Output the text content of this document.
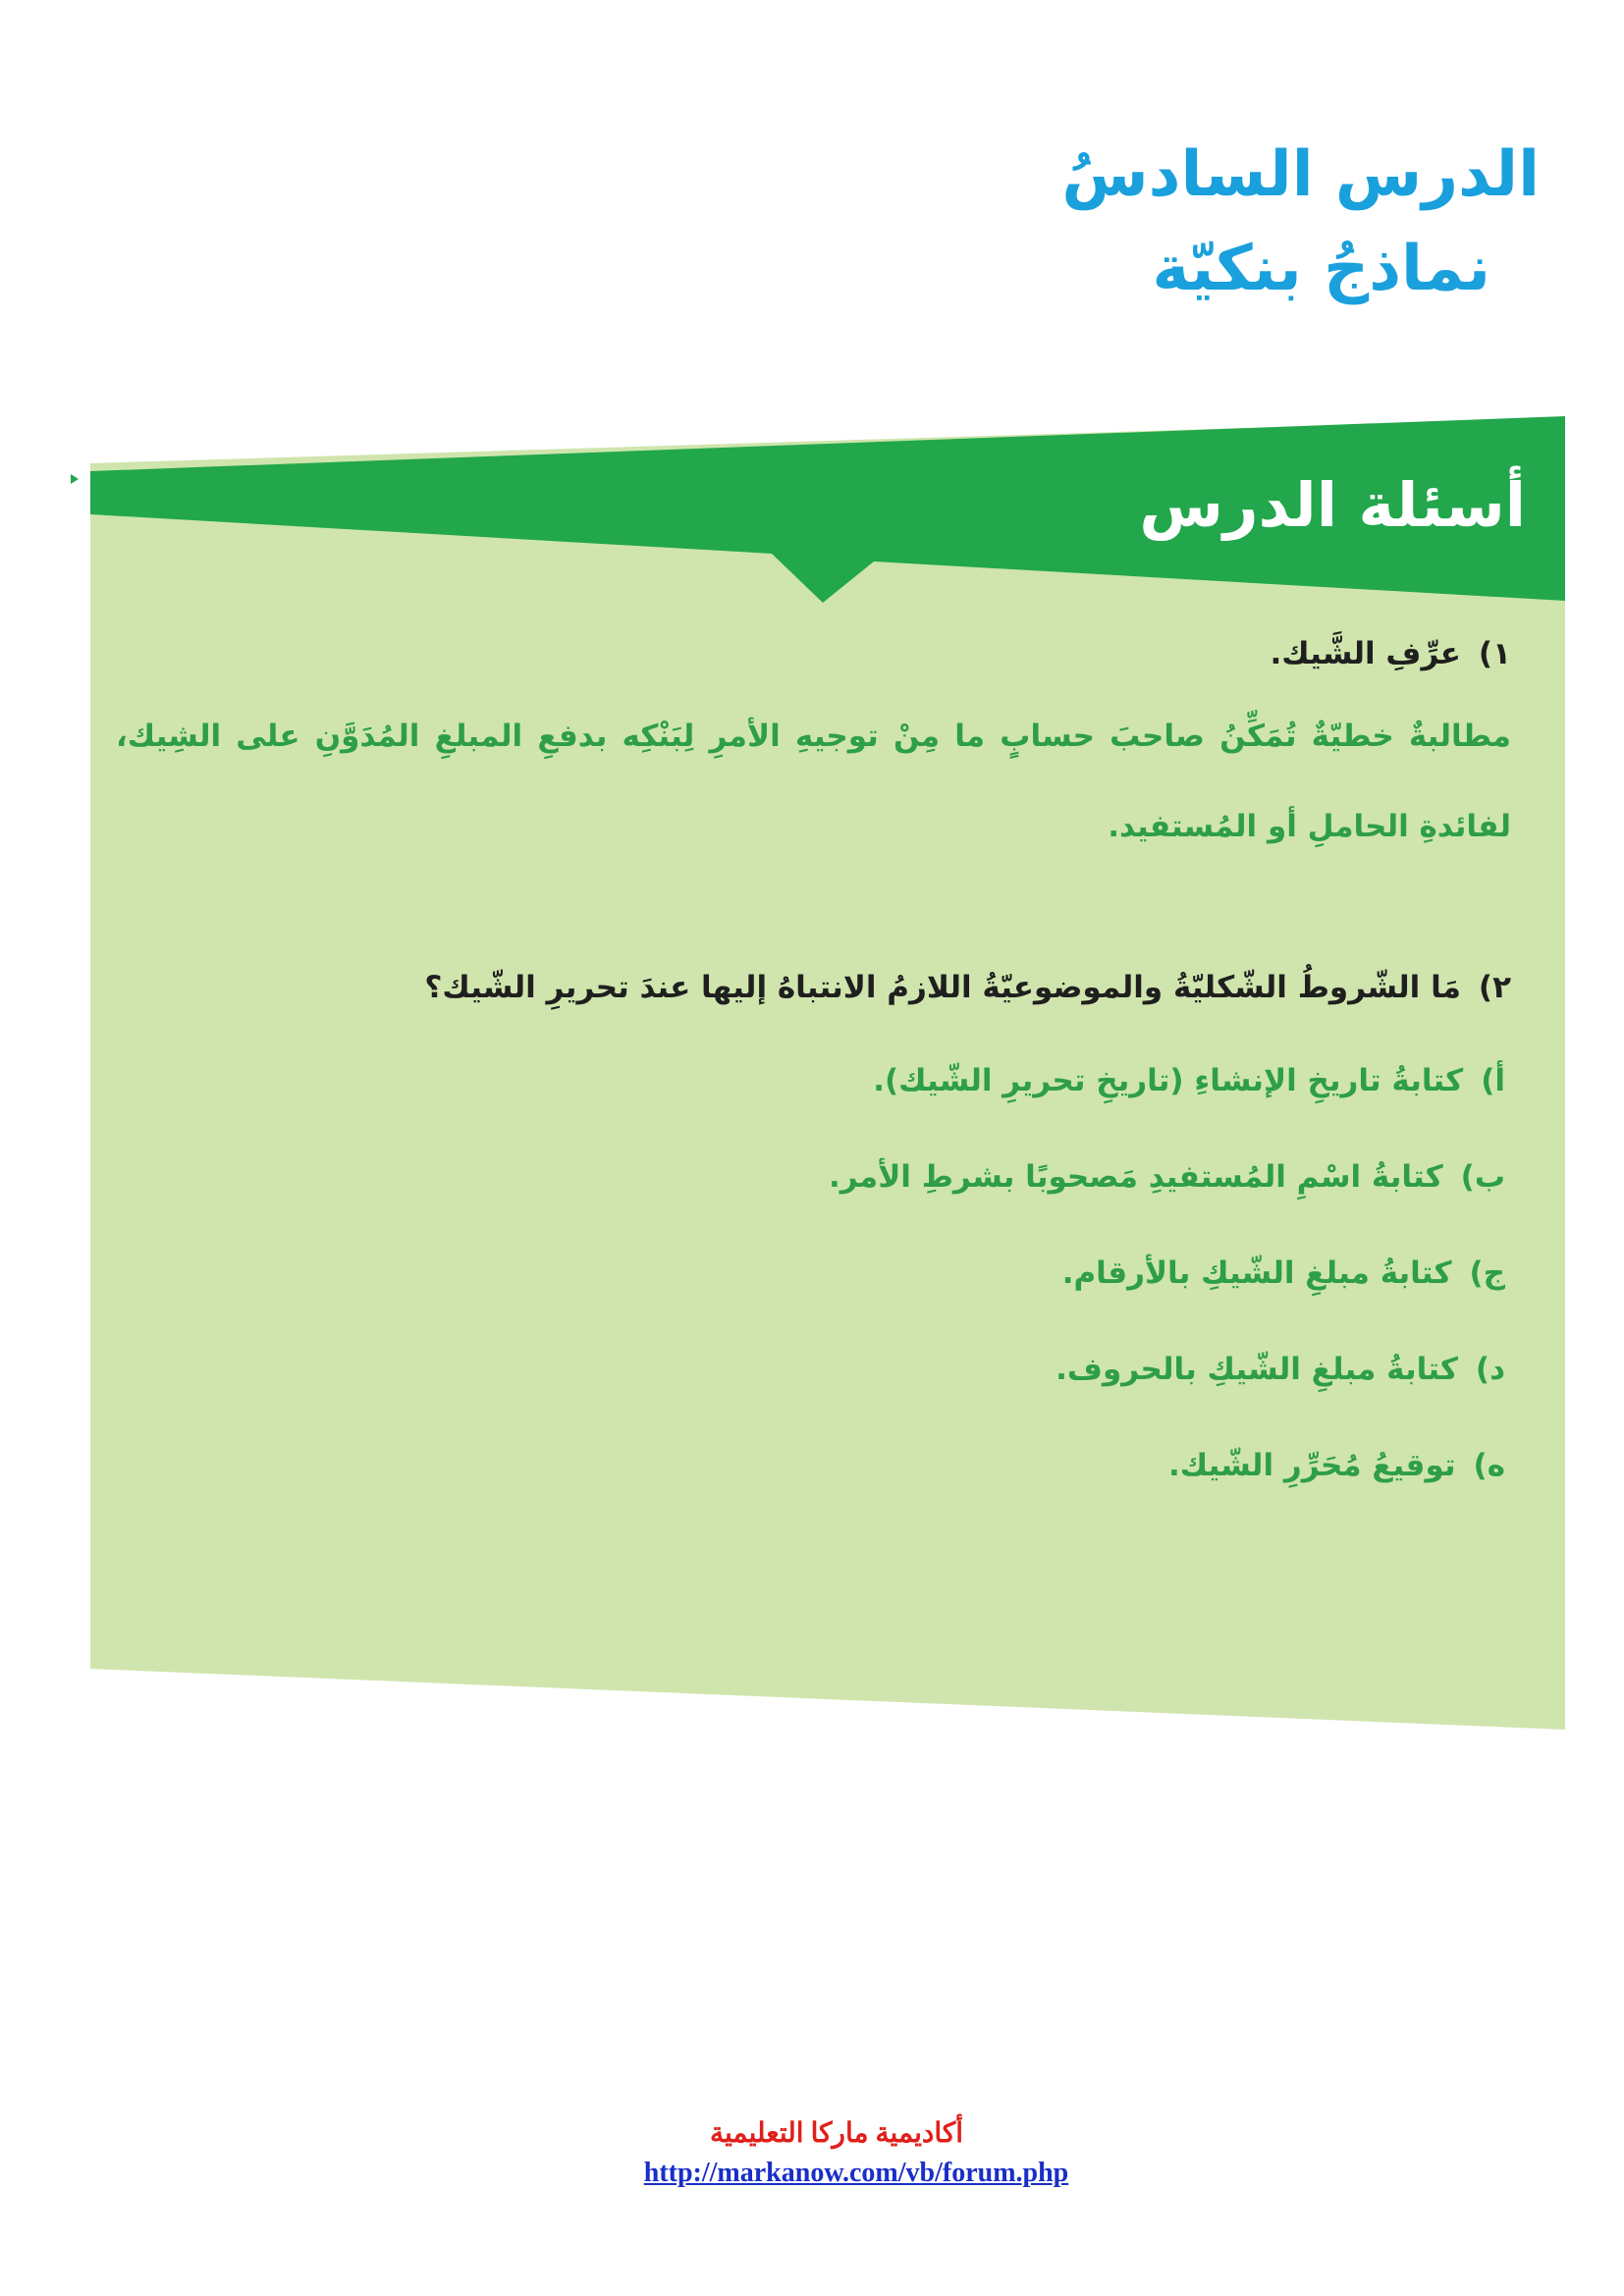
الدرس السادسُ

نماذجُ بنكيّة

أسئلة الدرس

١)عرِّفِ الشَّيك.

مطالبةٌ خطيّةٌ تُمَكِّنُ صاحبَ حسابٍ ما مِنْ توجيهِ الأمرِ لِبَنْكِه بدفعِ المبلغِ المُدَوَّنِ على الشِيك، لفائدةِ الحاملِ أو المُستفيد.

٢)مَا الشّروطُ الشّكليّةُ والموضوعيّةُ اللازمُ الانتباهُ إليها عندَ تحريرِ الشّيك؟

أ)كتابةُ تاريخِ الإنشاءِ (تاريخِ تحريرِ الشّيك).

ب)كتابةُ اسْمِ المُستفيدِ مَصحوبًا بشرطِ الأمر.

ج)كتابةُ مبلغِ الشّيكِ بالأرقام.

د)كتابةُ مبلغِ الشّيكِ بالحروف.

ه)توقيعُ مُحَرِّرِ الشّيك.

أكاديمية ماركا التعليمية

http://markanow.com/vb/forum.php
